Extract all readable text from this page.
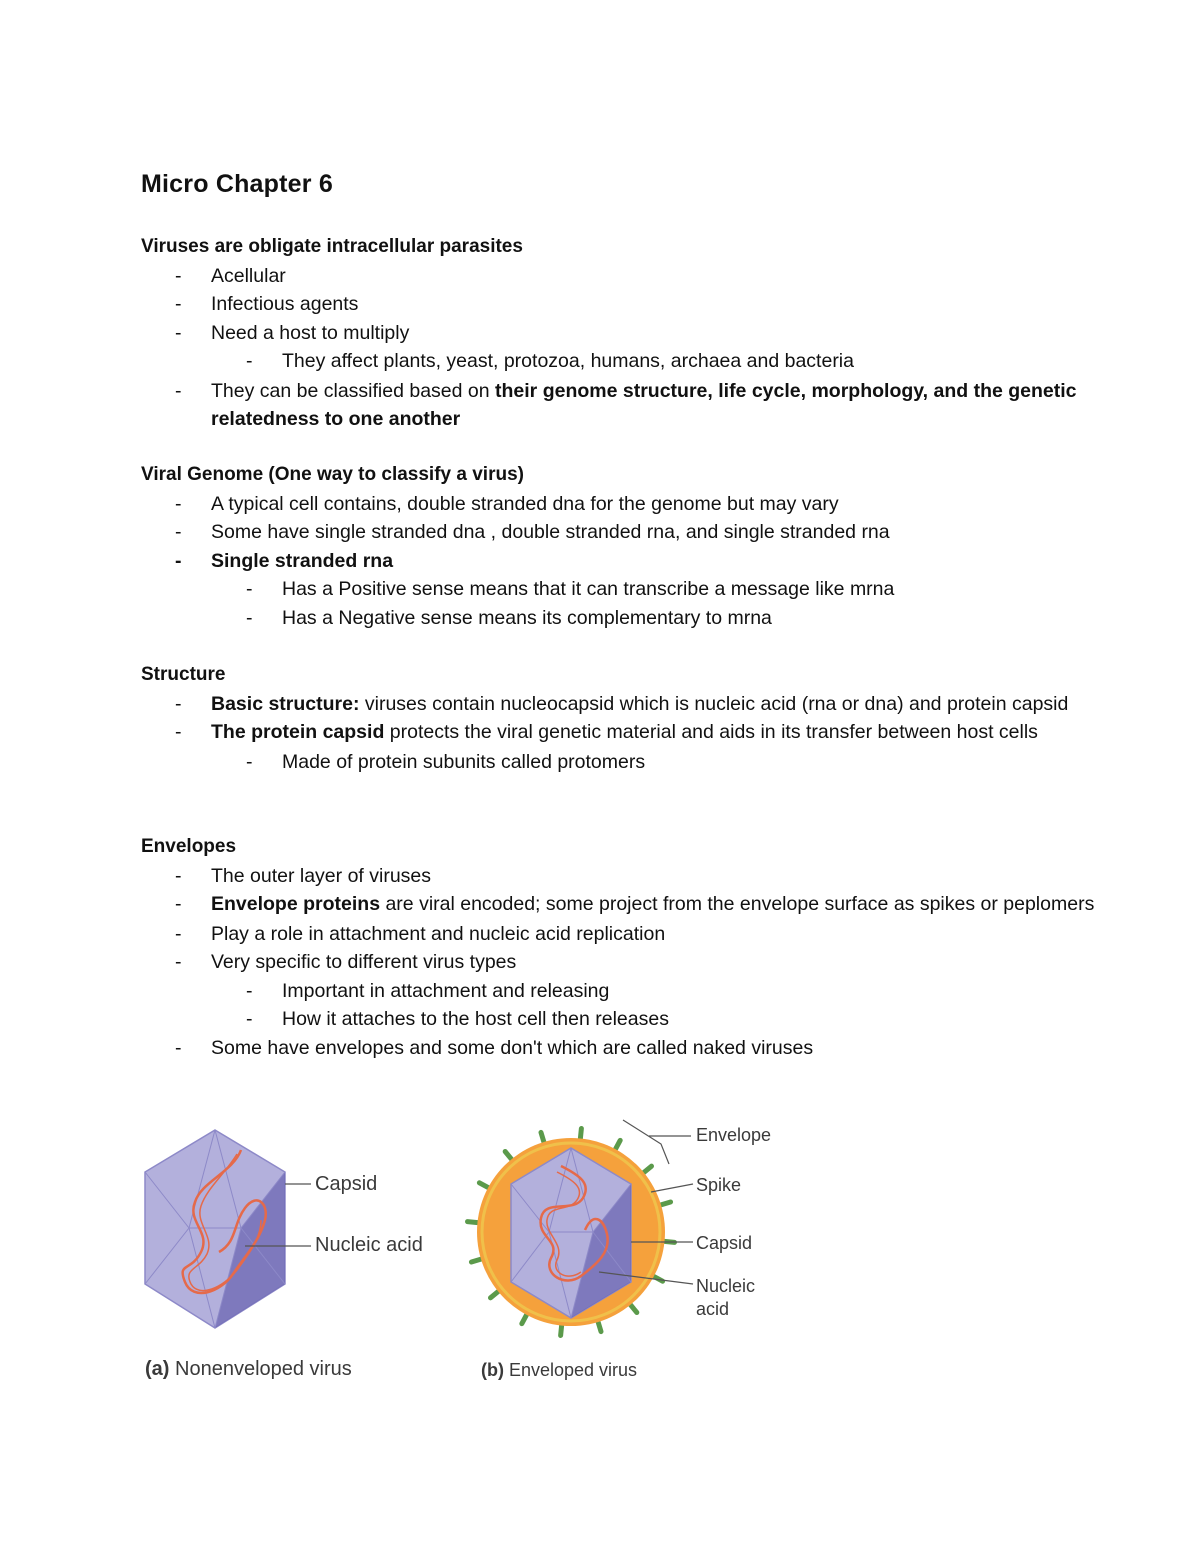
Micro Chapter 6

Viruses are obligate intracellular parasites

- Acellular
- Infectious agents
- Need a host to multiply
- They affect plants, yeast, protozoa, humans, archaea and bacteria
- They can be classified based on their genome structure, life cycle, morphology, and the genetic relatedness to one another

Viral Genome (One way to classify a virus)

- A typical cell contains, double stranded dna for the genome but may vary
- Some have single stranded dna , double stranded rna, and single stranded rna
- Single stranded rna
- Has a Positive sense means that it can transcribe a message like mrna
- Has a Negative sense means its complementary to mrna

Structure

- Basic structure: viruses contain nucleocapsid which is nucleic acid (rna or dna) and protein capsid
- The protein capsid protects the viral genetic material and aids in its transfer between host cells
- Made of protein subunits called protomers

Envelopes

- The outer layer of viruses
- Envelope proteins are viral encoded; some project from the envelope surface as spikes or peplomers
- Play a role in attachment and nucleic acid replication
- Very specific to different virus types
- Important in attachment and releasing
- How it attaches to the host cell then releases
- Some have envelopes and some don't which are called naked viruses
Capsid
Nucleic acid
Envelope
Spike
Capsid
Nucleic
acid
(a) Nonenveloped virus	(b) Enveloped virus
